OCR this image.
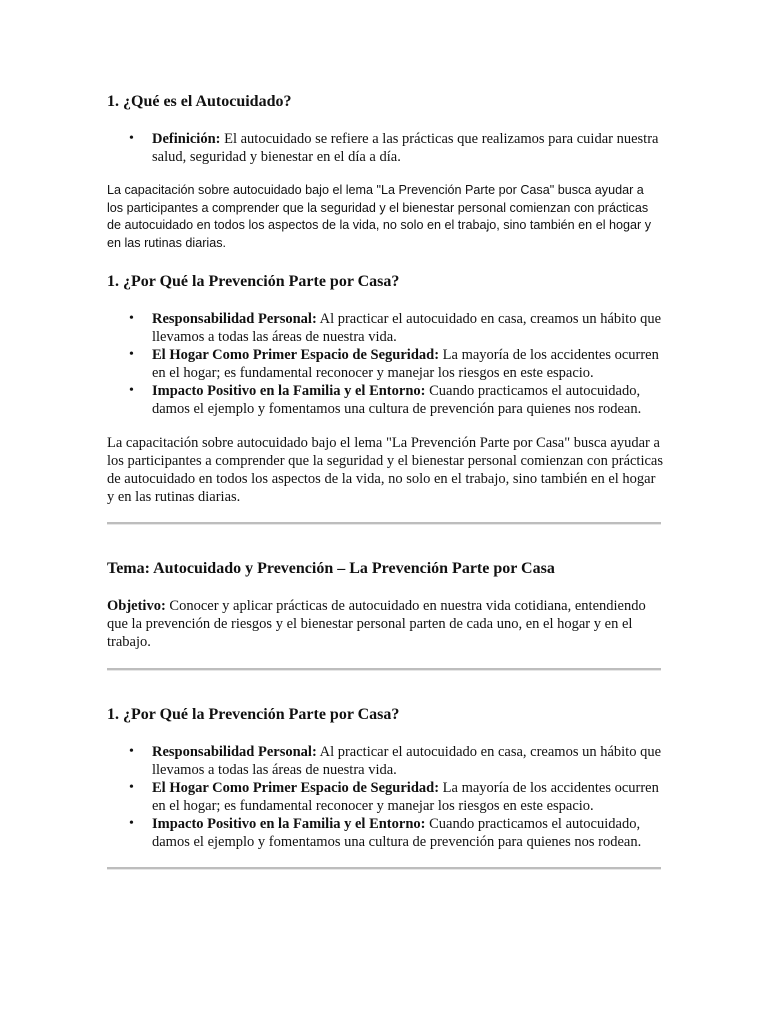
1. ¿Qué es el Autocuidado?
• Definición: El autocuidado se refiere a las prácticas que realizamos para cuidar nuestra salud, seguridad y bienestar en el día a día.

La capacitación sobre autocuidado bajo el lema "La Prevención Parte por Casa" busca ayudar a los participantes a comprender que la seguridad y el bienestar personal comienzan con prácticas de autocuidado en todos los aspectos de la vida, no solo en el trabajo, sino también en el hogar y en las rutinas diarias.

1. ¿Por Qué la Prevención Parte por Casa?
• Responsabilidad Personal: Al practicar el autocuidado en casa, creamos un hábito que llevamos a todas las áreas de nuestra vida.
• El Hogar Como Primer Espacio de Seguridad: La mayoría de los accidentes ocurren en el hogar; es fundamental reconocer y manejar los riesgos en este espacio.
• Impacto Positivo en la Familia y el Entorno: Cuando practicamos el autocuidado, damos el ejemplo y fomentamos una cultura de prevención para quienes nos rodean.

La capacitación sobre autocuidado bajo el lema "La Prevención Parte por Casa" busca ayudar a los participantes a comprender que la seguridad y el bienestar personal comienzan con prácticas de autocuidado en todos los aspectos de la vida, no solo en el trabajo, sino también en el hogar y en las rutinas diarias.

Tema: Autocuidado y Prevención – La Prevención Parte por Casa

Objetivo: Conocer y aplicar prácticas de autocuidado en nuestra vida cotidiana, entendiendo que la prevención de riesgos y el bienestar personal parten de cada uno, en el hogar y en el trabajo.

1. ¿Por Qué la Prevención Parte por Casa?
• Responsabilidad Personal: Al practicar el autocuidado en casa, creamos un hábito que llevamos a todas las áreas de nuestra vida.
• El Hogar Como Primer Espacio de Seguridad: La mayoría de los accidentes ocurren en el hogar; es fundamental reconocer y manejar los riesgos en este espacio.
• Impacto Positivo en la Familia y el Entorno: Cuando practicamos el autocuidado, damos el ejemplo y fomentamos una cultura de prevención para quienes nos rodean.
